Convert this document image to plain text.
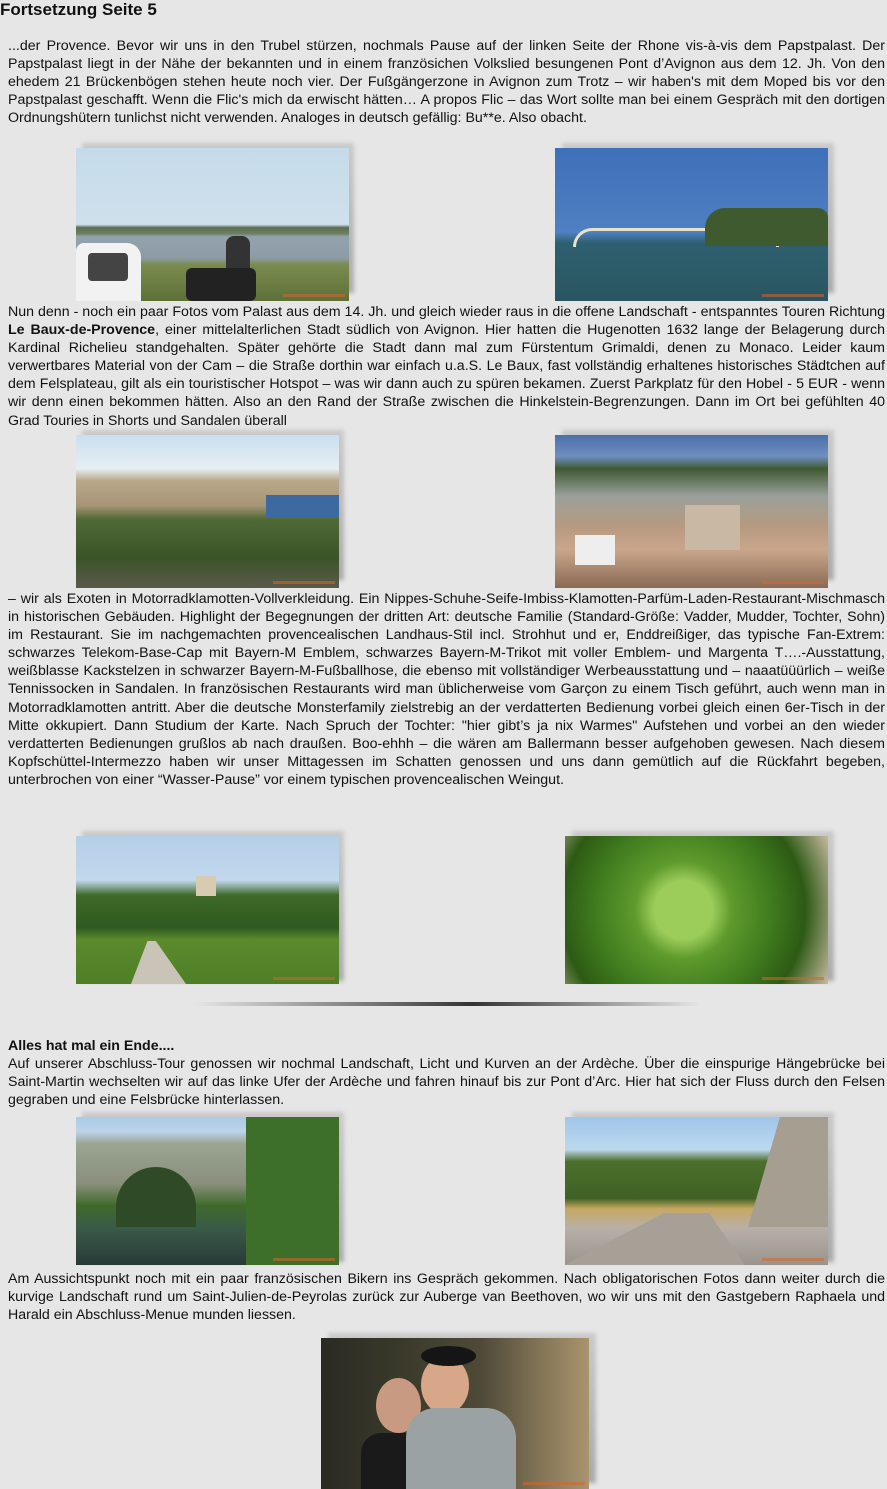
Fortsetzung Seite 5
...der Provence. Bevor wir uns in den Trubel stürzen, nochmals Pause auf der linken Seite der Rhone vis-à-vis dem Papstpalast. Der Papstpalast liegt in der Nähe der bekannten und in einem französichen Volkslied besungenen Pont d’Avignon aus dem 12. Jh. Von den ehedem 21 Brückenbögen stehen heute noch vier. Der Fußgängerzone in Avignon zum Trotz – wir haben's mit dem Moped bis vor den Papstpalast geschafft. Wenn die Flic's mich da erwischt hätten… A propos Flic – das Wort sollte man bei einem Gespräch mit den dortigen Ordnungshütern tunlichst nicht verwenden. Analoges in deutsch gefällig: Bu**e. Also obacht.
Nun denn - noch ein paar Fotos vom Palast aus dem 14. Jh. und gleich wieder raus in die offene Landschaft - entspanntes Touren Richtung Le Baux-de-Provence, einer mittelalterlichen Stadt südlich von Avignon. Hier hatten die Hugenotten 1632 lange der Belagerung durch Kardinal Richelieu standgehalten. Später gehörte die Stadt dann mal zum Fürstentum Grimaldi, denen zu Monaco. Leider kaum verwertbares Material von der Cam – die Straße dorthin war einfach u.a.S. Le Baux, fast vollständig erhaltenes historisches Städtchen auf dem Felsplateau, gilt als ein touristischer Hotspot – was wir dann auch zu spüren bekamen. Zuerst Parkplatz für den Hobel - 5 EUR - wenn wir denn einen bekommen hätten. Also an den Rand der Straße zwischen die Hinkelstein-Begrenzungen. Dann im Ort bei gefühlten 40 Grad Touries in Shorts und Sandalen überall
– wir als Exoten in Motorradklamotten-Vollverkleidung. Ein Nippes-Schuhe-Seife-Imbiss-Klamotten-Parfüm-Laden-Restaurant-Mischmasch in historischen Gebäuden. Highlight der Begegnungen der dritten Art: deutsche Familie (Standard-Größe: Vadder, Mudder, Tochter, Sohn) im Restaurant. Sie im nachgemachten provencealischen Landhaus-Stil incl. Strohhut und er, Enddreißiger, das typische Fan-Extrem: schwarzes Telekom-Base-Cap mit Bayern-M Emblem, schwarzes Bayern-M-Trikot mit voller Emblem- und Margenta T….-Ausstattung, weißblasse Kackstelzen in schwarzer Bayern-M-Fußballhose, die ebenso mit vollständiger Werbeausstattung und – naaatüüürlich – weiße Tennissocken in Sandalen. In französischen Restaurants wird man üblicherweise vom Garçon zu einem Tisch geführt, auch wenn man in Motorradklamotten antritt. Aber die deutsche Monsterfamily zielstrebig an der verdatterten Bedienung vorbei gleich einen 6er-Tisch in der Mitte okkupiert. Dann Studium der Karte. Nach Spruch der Tochter: "hier gibt’s ja nix Warmes" Aufstehen und vorbei an den wieder verdatterten Bedienungen grußlos ab nach draußen. Boo-ehhh – die wären am Ballermann besser aufgehoben gewesen. Nach diesem Kopfschüttel-Intermezzo haben wir unser Mittagessen im Schatten genossen und uns dann gemütlich auf die Rückfahrt begeben, unterbrochen von einer “Wasser-Pause” vor einem typischen provencealischen Weingut.
Alles hat mal ein Ende....
Auf unserer Abschluss-Tour genossen wir nochmal Landschaft, Licht und Kurven an der Ardèche. Über die einspurige Hängebrücke bei Saint-Martin wechselten wir auf das linke Ufer der Ardèche und fahren hinauf bis zur Pont d’Arc. Hier hat sich der Fluss durch den Felsen gegraben und eine Felsbrücke hinterlassen.
Am Aussichtspunkt noch mit ein paar französischen Bikern ins Gespräch gekommen. Nach obligatorischen Fotos dann weiter durch die kurvige Landschaft rund um Saint-Julien-de-Peyrolas zurück zur Auberge van Beethoven, wo wir uns mit den Gastgebern Raphaela und Harald ein Abschluss-Menue munden liessen.
